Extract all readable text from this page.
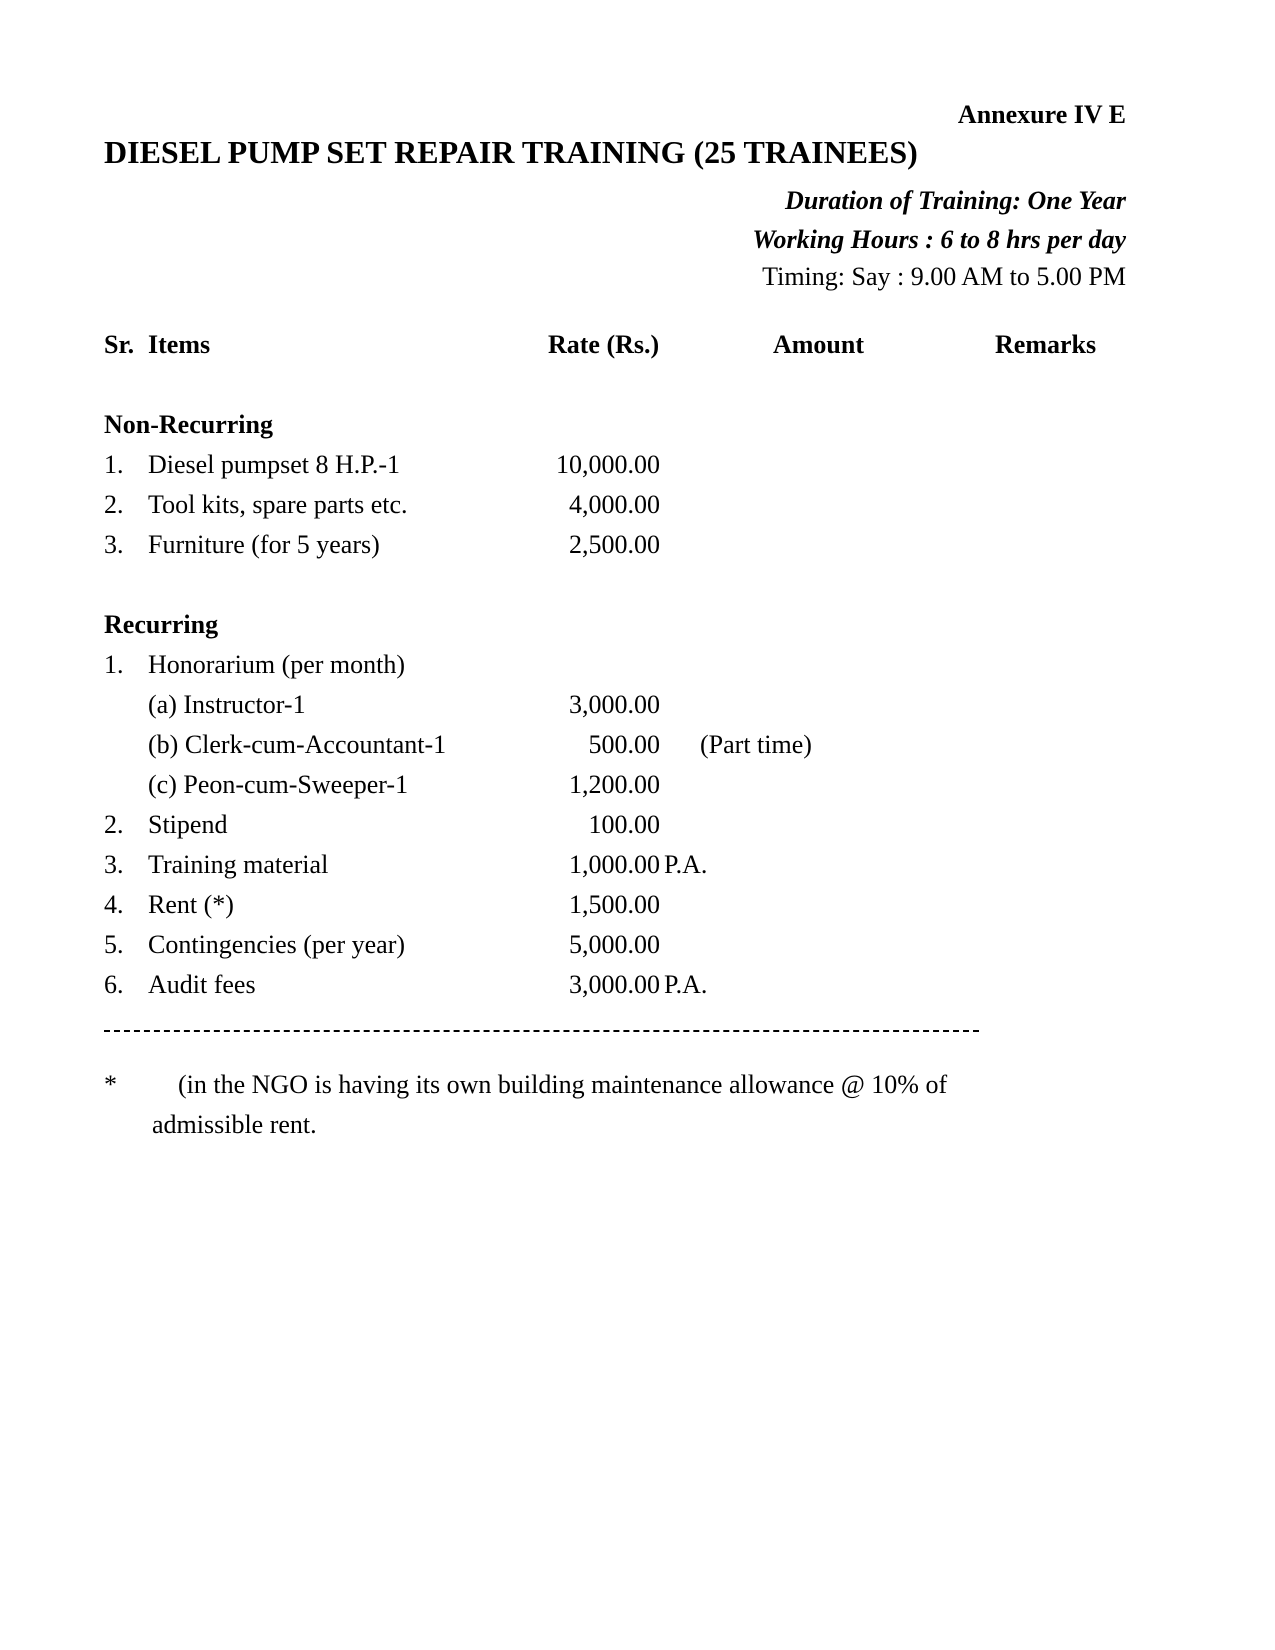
Annexure IV E
DIESEL PUMP SET REPAIR TRAINING (25 TRAINEES)
Duration of Training: One Year
Working Hours : 6 to 8 hrs per day
Timing: Say : 9.00 AM to 5.00 PM
Sr. Items	Rate (Rs.)	Amount	Remarks
Non-Recurring
1. Diesel pumpset 8 H.P.-1	10,000.00
2. Tool kits, spare parts etc.	4,000.00
3. Furniture (for 5 years)	2,500.00
Recurring
1. Honorarium (per month)
(a) Instructor-1	3,000.00
(b) Clerk-cum-Accountant-1	500.00 (Part time)
(c) Peon-cum-Sweeper-1	1,200.00
2. Stipend	100.00
3. Training material	1,000.00 P.A.
4. Rent (*)	1,500.00
5. Contingencies (per year)	5,000.00
6. Audit fees	3,000.00 P.A.
* (in the NGO is having its own building maintenance allowance @ 10% of
admissible rent.
